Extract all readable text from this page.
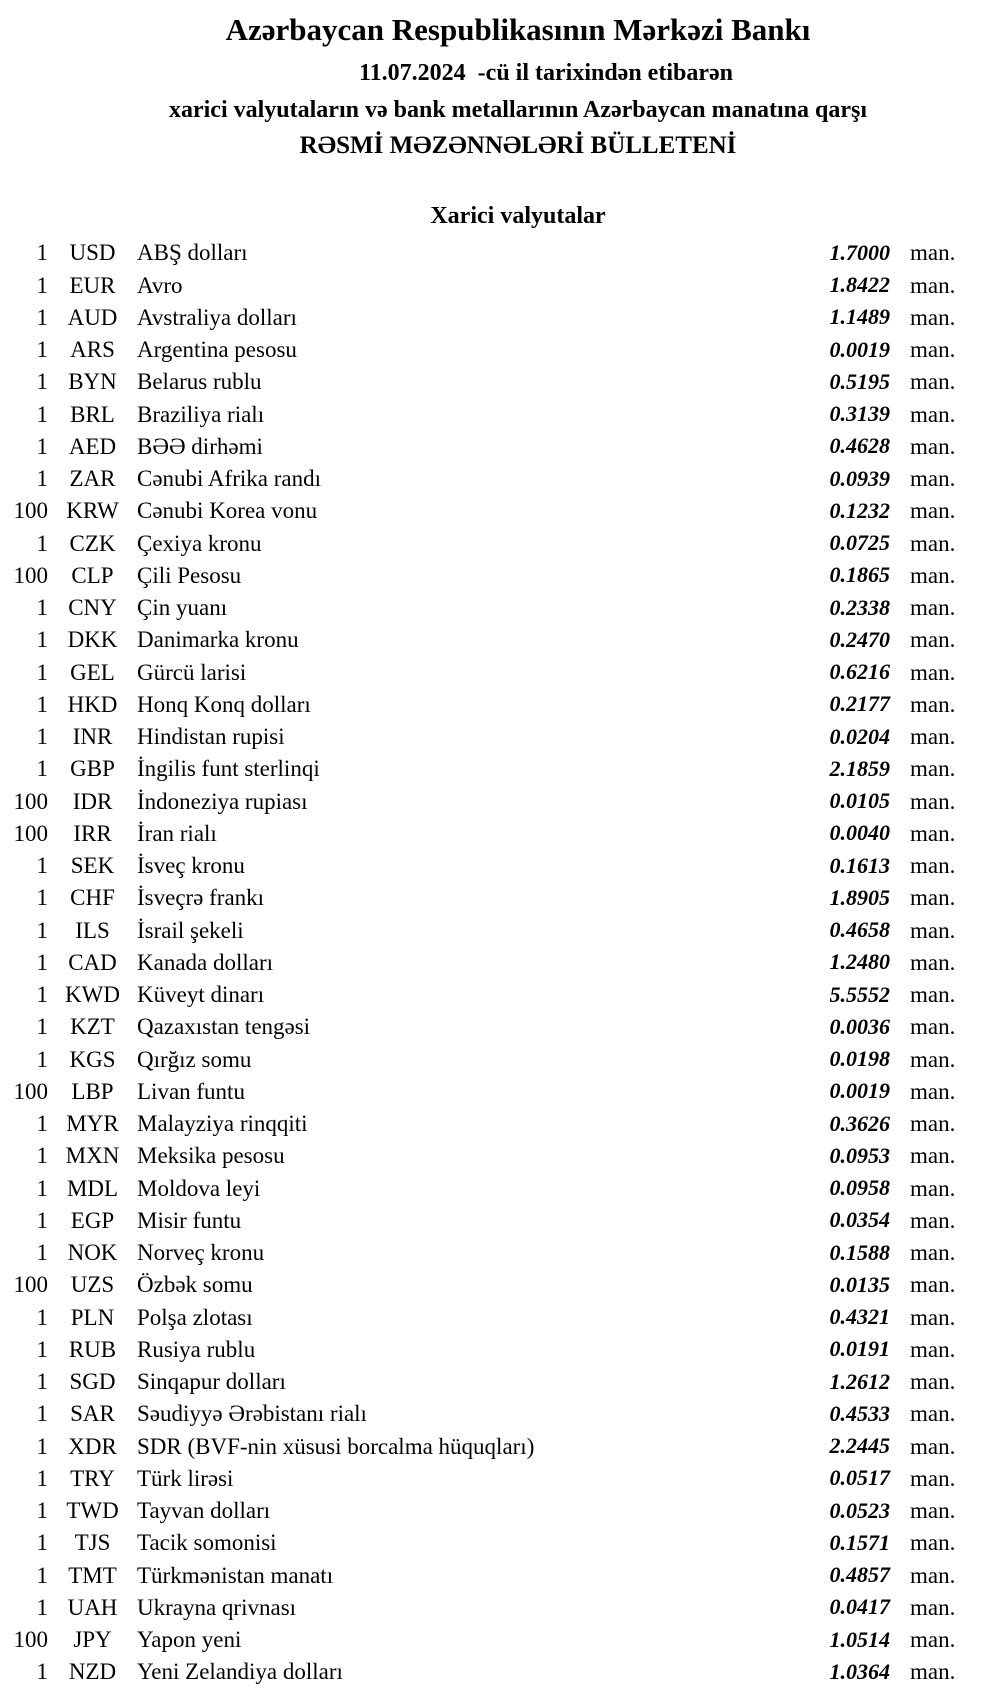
Azərbaycan Respublikasının Mərkəzi Bankı
11.07.2024 -cü il tarixindən etibarən
xarici valyutaların və bank metallarının Azərbaycan manatına qarşı
RƏSMİ MƏZƏNNƏLƏRİ BÜLLETENİ
Xarici valyutalar
1 USD ABŞ dolları	1.7000 man.
1 EUR Avro	1.8422 man.
1 AUD Avstraliya dolları	1.1489 man.
1 ARS Argentina pesosu	0.0019 man.
1 BYN Belarus rublu	0.5195 man.
1 BRL Braziliya rialı	0.3139 man.
1 AED BƏƏ dirhəmi	0.4628 man.
1 ZAR Cənubi Afrika randı	0.0939 man.
100 KRW Cənubi Korea vonu	0.1232 man.
1 CZK Çexiya kronu	0.0725 man.
100	CLP	Çili Pesosu	0.1865 man.
1 CNY Çin yuanı	0.2338 man.
1 DKK Danimarka kronu	0.2470 man.
1 GEL Gürcü larisi	0.6216 man.
1 HKD Honq Konq dolları	0.2177 man.
1	INR	Hindistan rupisi	0.0204 man.
1 GBP İngilis funt sterlinqi	2.1859 man.
100	IDR	İndoneziya rupiası	0.0105 man.
100	IRR	İran rialı	0.0040 man.
1 SEK İsveç kronu	0.1613 man.
1 CHF İsveçrə frankı	1.8905 man.
1	ILS	İsrail şekeli	0.4658 man.
1 CAD Kanada dolları	1.2480 man.
1 KWD Küveyt dinarı	5.5552 man.
1 KZT Qazaxıstan tengəsi	0.0036 man.
1 KGS Qırğız somu	0.0198 man.
100	LBP	Livan funtu	0.0019 man.
1 MYR Malayziya rinqqiti	0.3626 man.
1 MXN Meksika pesosu	0.0953 man.
1 MDL Moldova leyi	0.0958 man.
1 EGP Misir funtu	0.0354 man.
1 NOK Norveç kronu	0.1588 man.
100 UZS Özbək somu	0.0135 man.
1 PLN Polşa zlotası	0.4321 man.
1 RUB Rusiya rublu	0.0191 man.
1 SGD Sinqapur dolları	1.2612 man.
1 SAR Səudiyyə Ərəbistanı rialı	0.4533 man.
1 XDR SDR (BVF-nin xüsusi borcalma hüquqları)	2.2445 man.
1 TRY Türk lirəsi	0.0517 man.
1 TWD Tayvan dolları	0.0523 man.
1	TJS	Tacik somonisi	0.1571 man.
1 TMT Türkmənistan manatı	0.4857 man.
1 UAH Ukrayna qrivnası	0.0417 man.
100	JPY	Yapon yeni	1.0514 man.
1 NZD Yeni Zelandiya dolları	1.0364 man.
